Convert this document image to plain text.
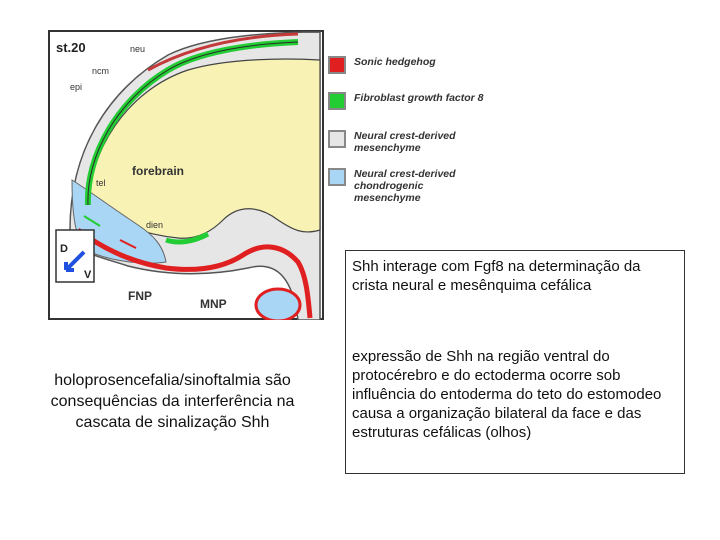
D
V
st.20	neu
ncm
epi
forebrain
tel
dien
FNP
MNP
Sonic hedgehog
Fibroblast growth factor 8
Neural crest-derived
mesenchyme
Neural crest-derived
chondrogenic
mesenchyme

Shh interage com Fgf8 na determinação da crista neural e mesênquima cefálica

expressão de Shh na região ventral do protocérebro e do ectoderma ocorre sob influência do entoderma do teto do estomodeo causa a organização bilateral da face e das estruturas cefálicas (olhos)

holoprosencefalia/sinoftalmia são consequências da interferência na cascata de sinalização Shh
